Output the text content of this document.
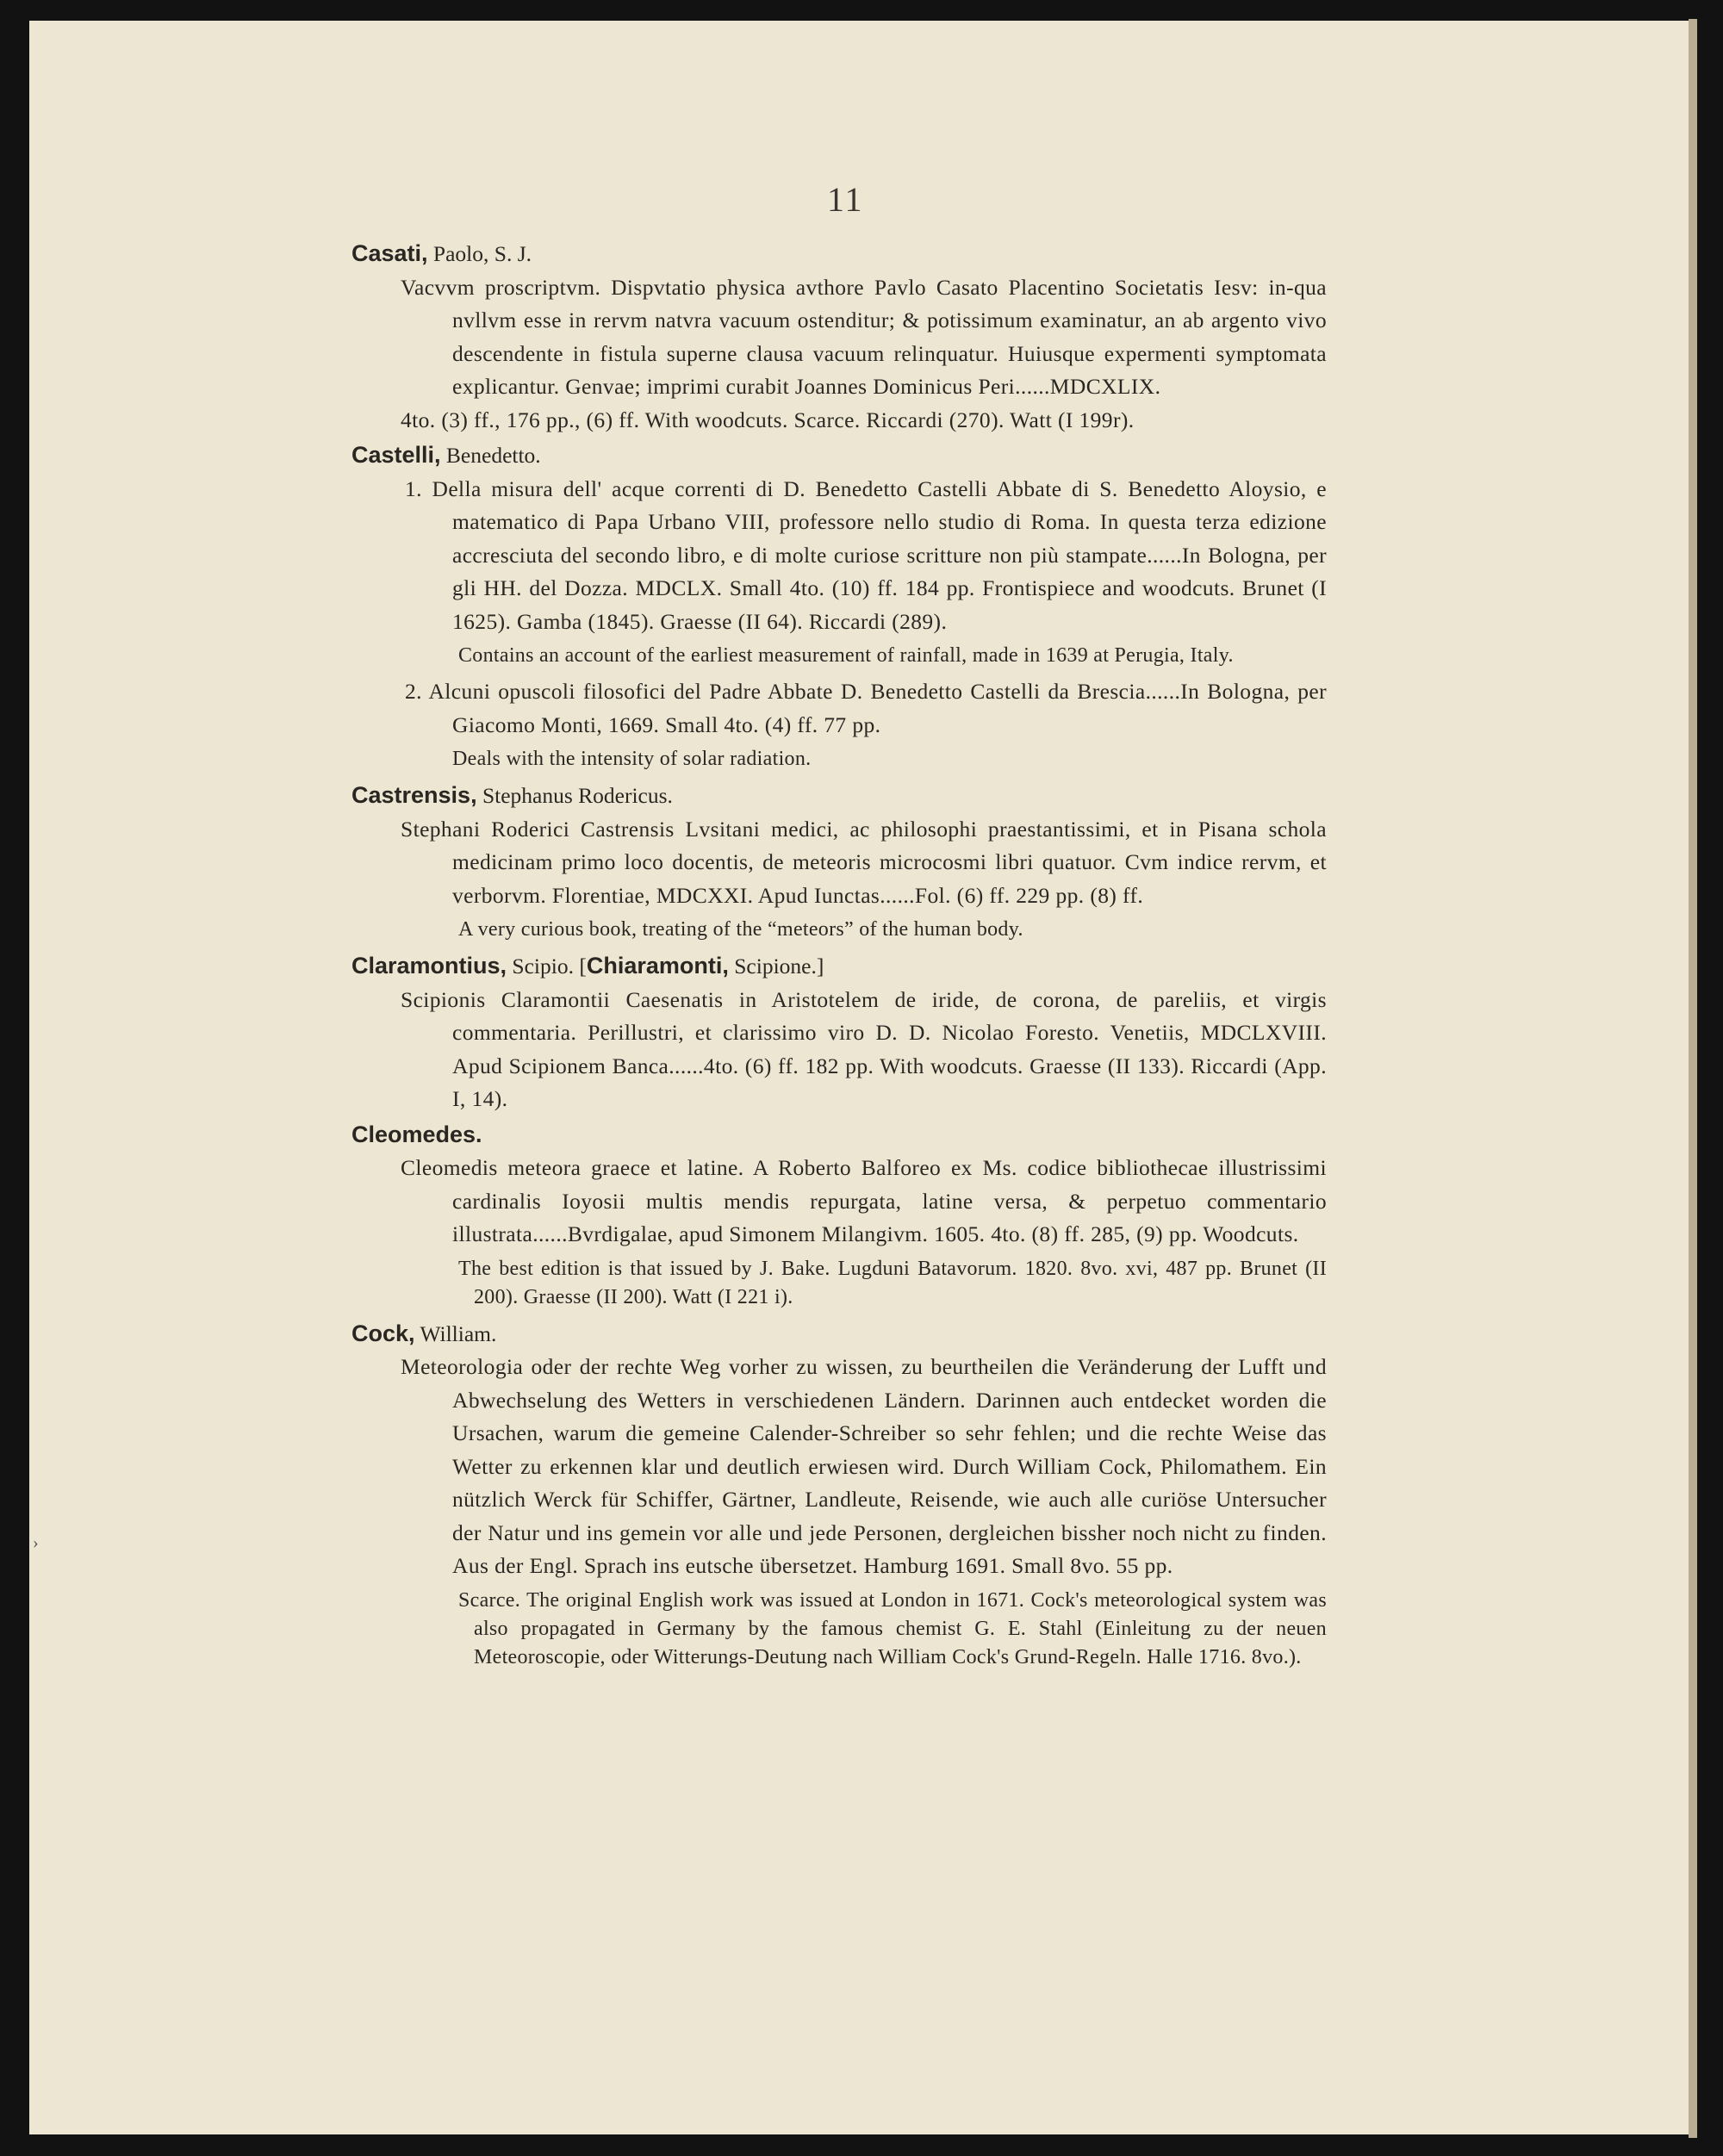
›
11
Casati, Paolo, S. J.
Vacvvm proscriptvm. Dispvtatio physica avthore Pavlo Casato Placentino Societatis Iesv: in-qua nvllvm esse in rervm natvra vacuum ostenditur; & potissimum examinatur, an ab argento vivo descendente in fistula superne clausa vacuum relinquatur. Huiusque expermenti symptomata explicantur. Genvae; imprimi curabit Joannes Dominicus Peri......MDCXLIX.
4to. (3) ff., 176 pp., (6) ff. With woodcuts. Scarce. Riccardi (270). Watt (I 199r).
Castelli, Benedetto.
1. Della misura dell' acque correnti di D. Benedetto Castelli Abbate di S. Benedetto Aloysio, e matematico di Papa Urbano VIII, professore nello studio di Roma. In questa terza edizione accresciuta del secondo libro, e di molte curiose scritture non più stampate......In Bologna, per gli HH. del Dozza. MDCLX. Small 4to. (10) ff. 184 pp. Frontispiece and woodcuts. Brunet (I 1625). Gamba (1845). Graesse (II 64). Riccardi (289).
Contains an account of the earliest measurement of rainfall, made in 1639 at Perugia, Italy.
2. Alcuni opuscoli filosofici del Padre Abbate D. Benedetto Castelli da Brescia......In Bologna, per Giacomo Monti, 1669. Small 4to. (4) ff. 77 pp.
Deals with the intensity of solar radiation.
Castrensis, Stephanus Rodericus.
Stephani Roderici Castrensis Lvsitani medici, ac philosophi praestantissimi, et in Pisana schola medicinam primo loco docentis, de meteoris microcosmi libri quatuor. Cvm indice rervm, et verborvm. Florentiae, MDCXXI. Apud Iunctas......Fol. (6) ff. 229 pp. (8) ff.
A very curious book, treating of the “meteors” of the human body.
Claramontius, Scipio. [Chiaramonti, Scipione.]
Scipionis Claramontii Caesenatis in Aristotelem de iride, de corona, de pareliis, et virgis commentaria. Perillustri, et clarissimo viro D. D. Nicolao Foresto. Venetiis, MDCLXVIII. Apud Scipionem Banca......4to. (6) ff. 182 pp. With woodcuts. Graesse (II 133). Riccardi (App. I, 14).
Cleomedes.
Cleomedis meteora graece et latine. A Roberto Balforeo ex Ms. codice bibliothecae illustrissimi cardinalis Ioyosii multis mendis repurgata, latine versa, & perpetuo commentario illustrata......Bvrdigalae, apud Simonem Milangivm. 1605. 4to. (8) ff. 285, (9) pp. Woodcuts.
The best edition is that issued by J. Bake. Lugduni Batavorum. 1820. 8vo. xvi, 487 pp. Brunet (II 200). Graesse (II 200). Watt (I 221 i).
Cock, William.
Meteorologia oder der rechte Weg vorher zu wissen, zu beurtheilen die Veränderung der Lufft und Abwechselung des Wetters in verschiedenen Ländern. Darinnen auch entdecket worden die Ursachen, warum die gemeine Calender-Schreiber so sehr fehlen; und die rechte Weise das Wetter zu erkennen klar und deutlich erwiesen wird. Durch William Cock, Philomathem. Ein nützlich Werck für Schiffer, Gärtner, Landleute, Reisende, wie auch alle curiöse Untersucher der Natur und ins gemein vor alle und jede Personen, dergleichen bissher noch nicht zu finden. Aus der Engl. Sprach ins eutsche übersetzet. Hamburg 1691. Small 8vo. 55 pp.
Scarce. The original English work was issued at London in 1671. Cock's meteorological system was also propagated in Germany by the famous chemist G. E. Stahl (Einleitung zu der neuen Meteoroscopie, oder Witterungs-Deutung nach William Cock's Grund-Regeln. Halle 1716. 8vo.).
